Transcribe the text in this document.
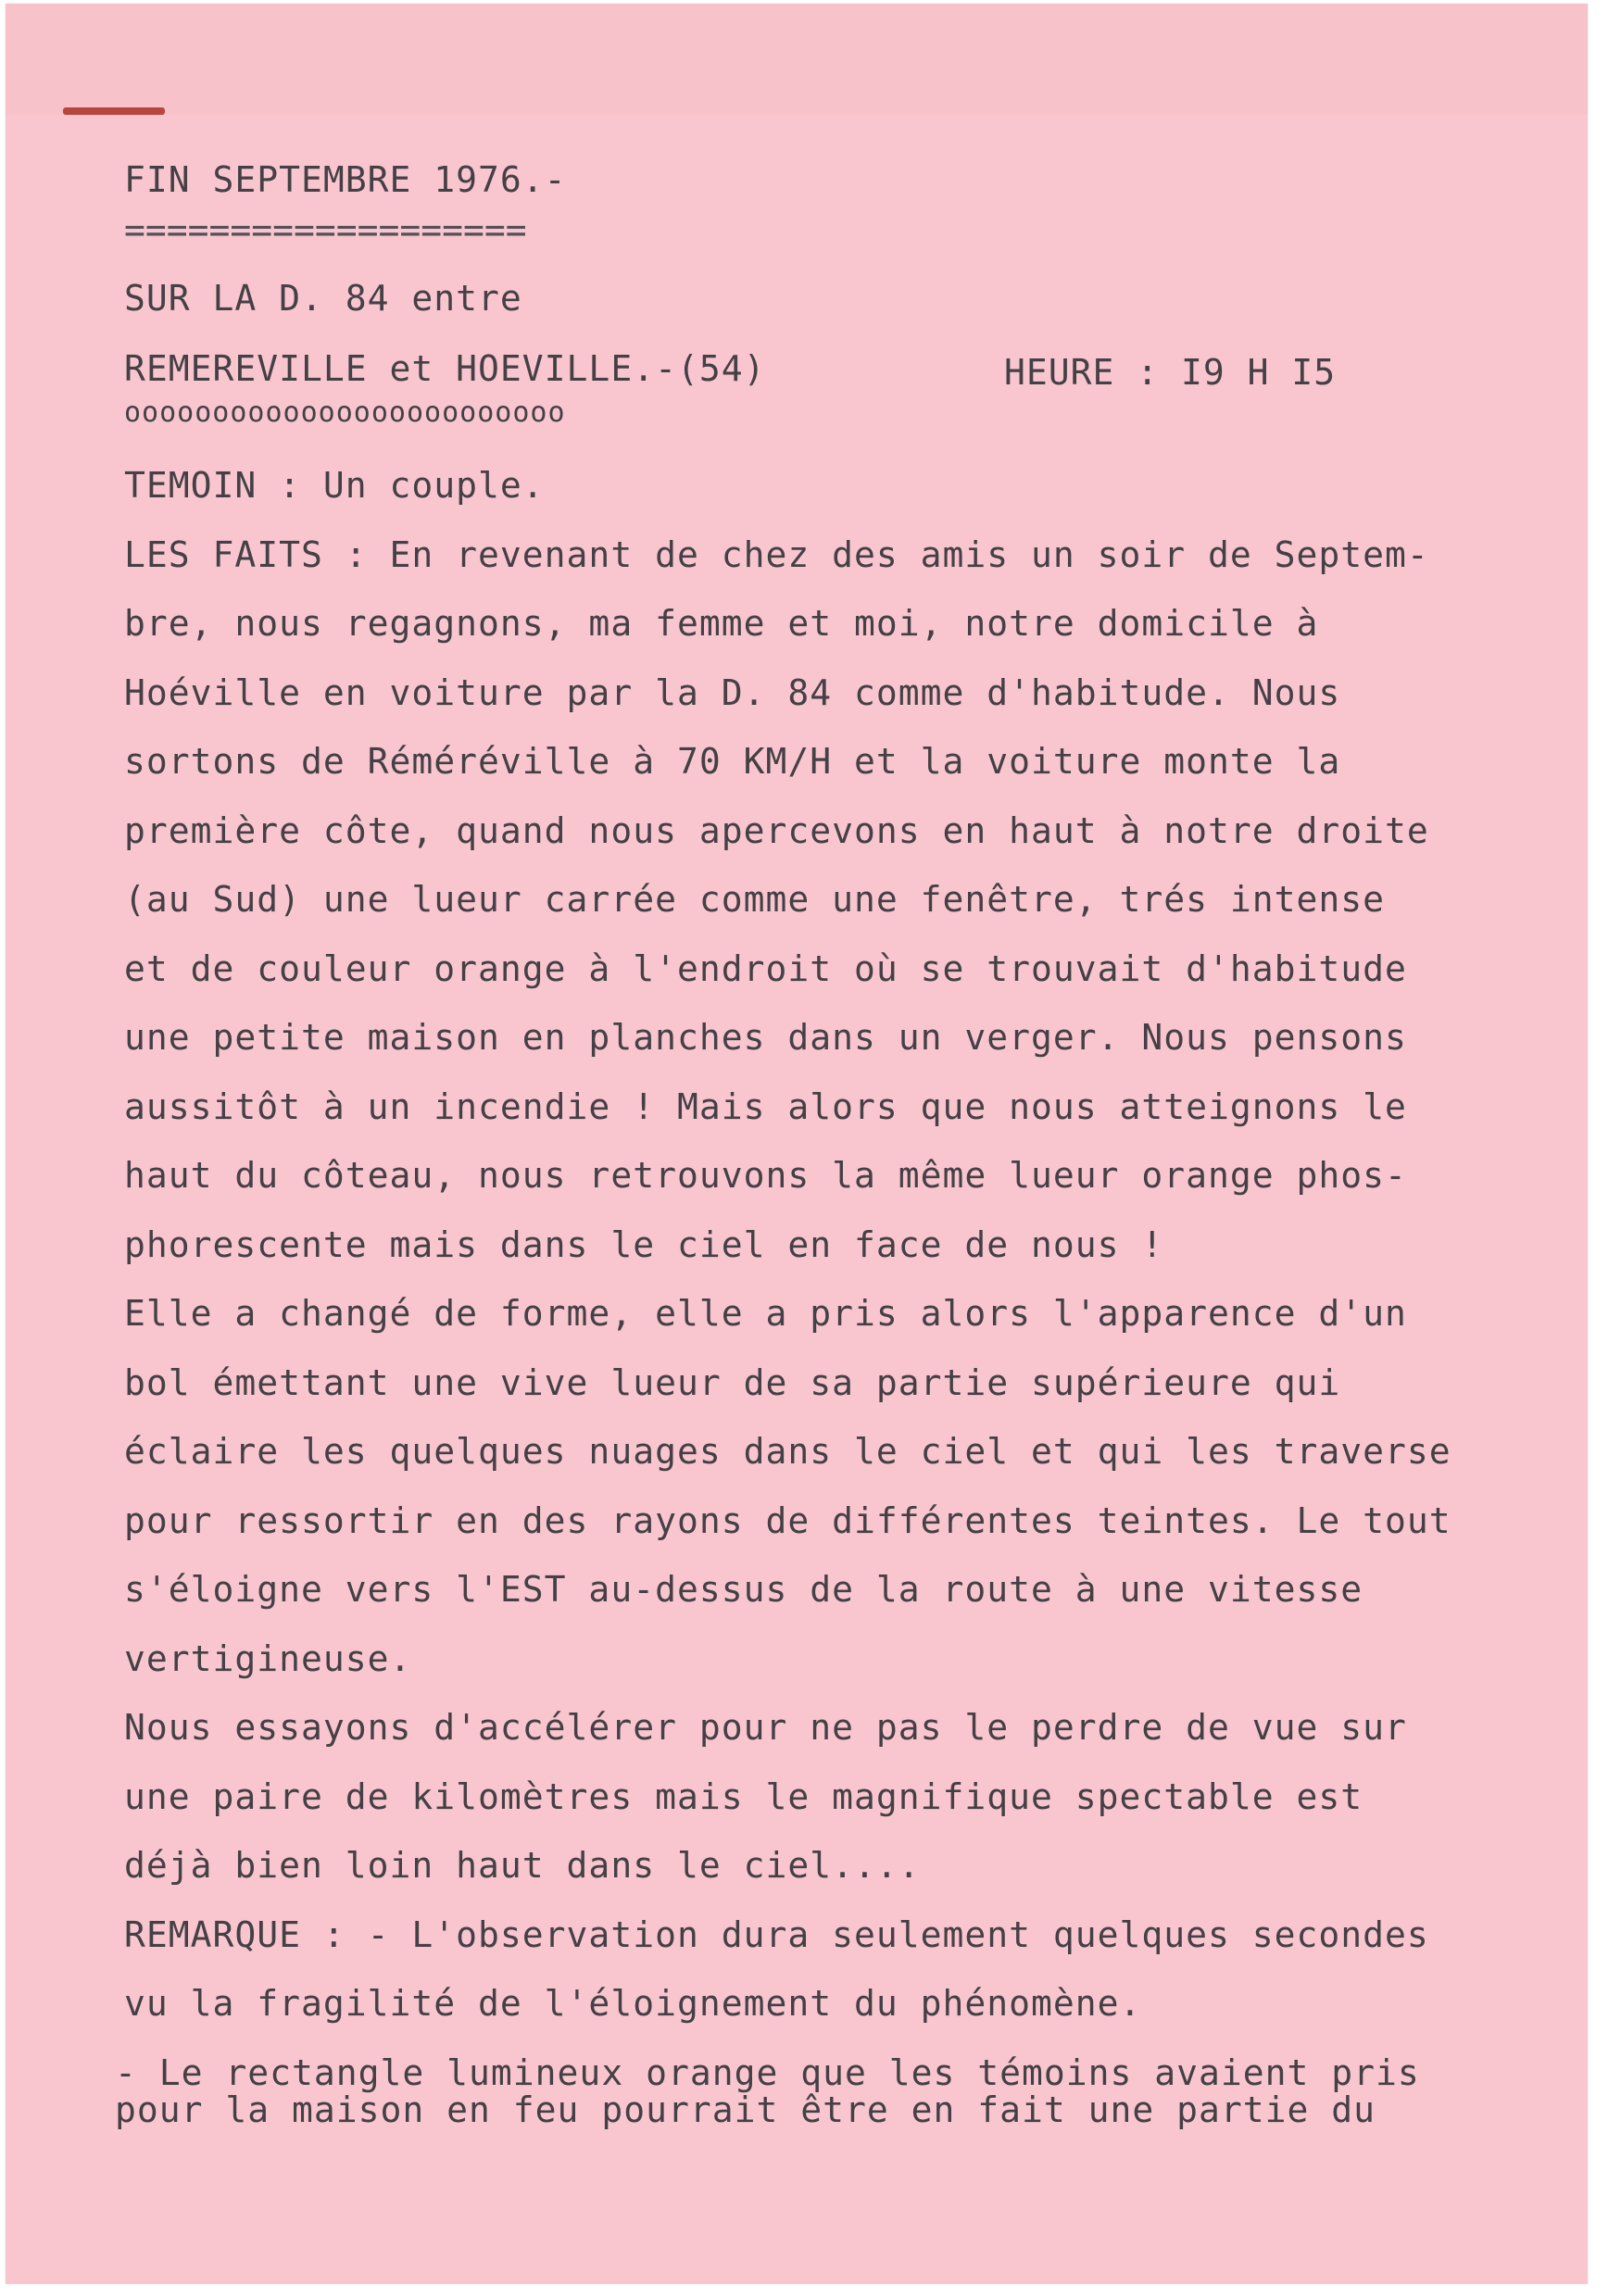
FIN SEPTEMBRE 1976.-
===================
SUR LA D. 84 entre
REMEREVILLE et HOEVILLE.-(54)	HEURE : I9 H I5
ooooooooooooooooooooooooo
TEMOIN : Un couple.
LES FAITS : En revenant de chez des amis un soir de Septem-
bre, nous regagnons, ma femme et moi, notre domicile à
Hoéville en voiture par la D. 84 comme d'habitude. Nous
sortons de Réméréville à 70 KM/H et la voiture monte la
première côte, quand nous apercevons en haut à notre droite
(au Sud) une lueur carrée comme une fenêtre, trés intense
et de couleur orange à l'endroit où se trouvait d'habitude
une petite maison en planches dans un verger. Nous pensons
aussitôt à un incendie ! Mais alors que nous atteignons le
haut du côteau, nous retrouvons la même lueur orange phos-
phorescente mais dans le ciel en face de nous !
Elle a changé de forme, elle a pris alors l'apparence d'un
bol émettant une vive lueur de sa partie supérieure qui
éclaire les quelques nuages dans le ciel et qui les traverse
pour ressortir en des rayons de différentes teintes. Le tout
s'éloigne vers l'EST au-dessus de la route à une vitesse
vertigineuse.
Nous essayons d'accélérer pour ne pas le perdre de vue sur
une paire de kilomètres mais le magnifique spectable est
déjà bien loin haut dans le ciel....
REMARQUE : - L'observation dura seulement quelques secondes
vu la fragilité de l'éloignement du phénomène.
- Le rectangle lumineux orange que les témoins avaient pris
pour la maison en feu pourrait être en fait une partie du
